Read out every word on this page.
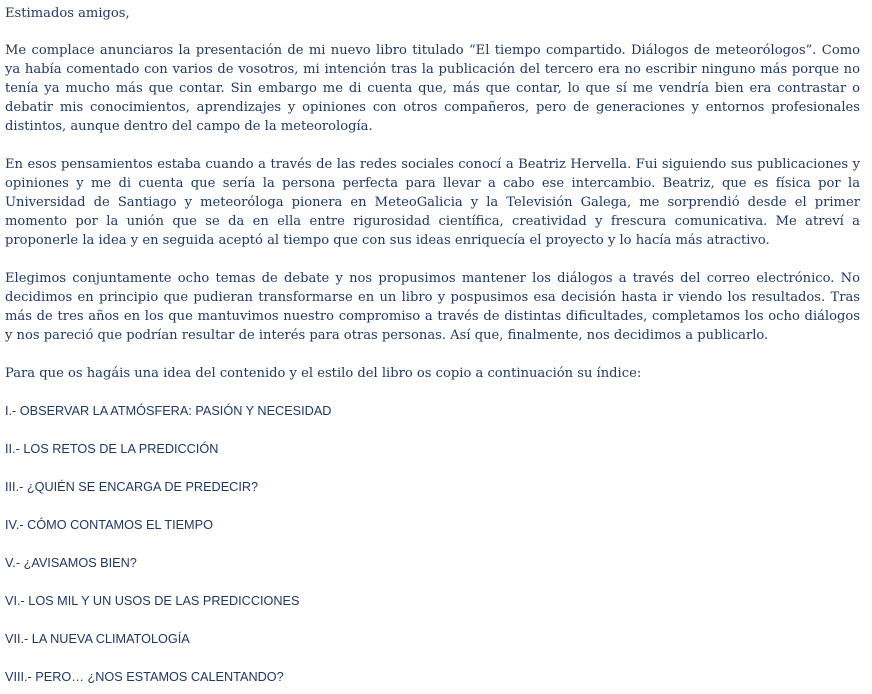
Estimados amigos,

Me complace anunciaros la presentación de mi nuevo libro titulado “El tiempo compartido. Diálogos de meteorólogos”. Como ya había comentado con varios de vosotros, mi intención tras la publicación del tercero era no escribir ninguno más porque no tenía ya mucho más que contar. Sin embargo me di cuenta que, más que contar, lo que sí me vendría bien era contrastar o debatir mis conocimientos, aprendizajes y opiniones con otros compañeros, pero de generaciones y entornos profesionales distintos, aunque dentro del campo de la meteorología.

En esos pensamientos estaba cuando a través de las redes sociales conocí a Beatriz Hervella. Fui siguiendo sus publicaciones y opiniones y me di cuenta que sería la persona perfecta para llevar a cabo ese intercambio. Beatriz, que es física por la Universidad de Santiago y meteoróloga pionera en MeteoGalicia y la Televisión Galega, me sorprendió desde el primer momento por la unión que se da en ella entre rigurosidad científica, creatividad y frescura comunicativa. Me atreví a proponerle la idea y en seguida aceptó al tiempo que con sus ideas enriquecía el proyecto y lo hacía más atractivo.

Elegimos conjuntamente ocho temas de debate y nos propusimos mantener los diálogos a través del correo electrónico. No decidimos en principio que pudieran transformarse en un libro y pospusimos esa decisión hasta ir viendo los resultados. Tras más de tres años en los que mantuvimos nuestro compromiso a través de distintas dificultades, completamos los ocho diálogos y nos pareció que podrían resultar de interés para otras personas. Así que, finalmente, nos decidimos a publicarlo.

Para que os hagáis una idea del contenido y el estilo del libro os copio a continuación su índice:

I.- OBSERVAR LA ATMÓSFERA: PASIÓN Y NECESIDAD
II.- LOS RETOS DE LA PREDICCIÓN
III.- ¿QUIÉN SE ENCARGA DE PREDECIR?
IV.- CÓMO CONTAMOS EL TIEMPO
V.- ¿AVISAMOS BIEN?
VI.- LOS MIL Y UN USOS DE LAS PREDICCIONES
VII.- LA NUEVA CLIMATOLOGÍA
VIII.- PERO… ¿NOS ESTAMOS CALENTANDO?
